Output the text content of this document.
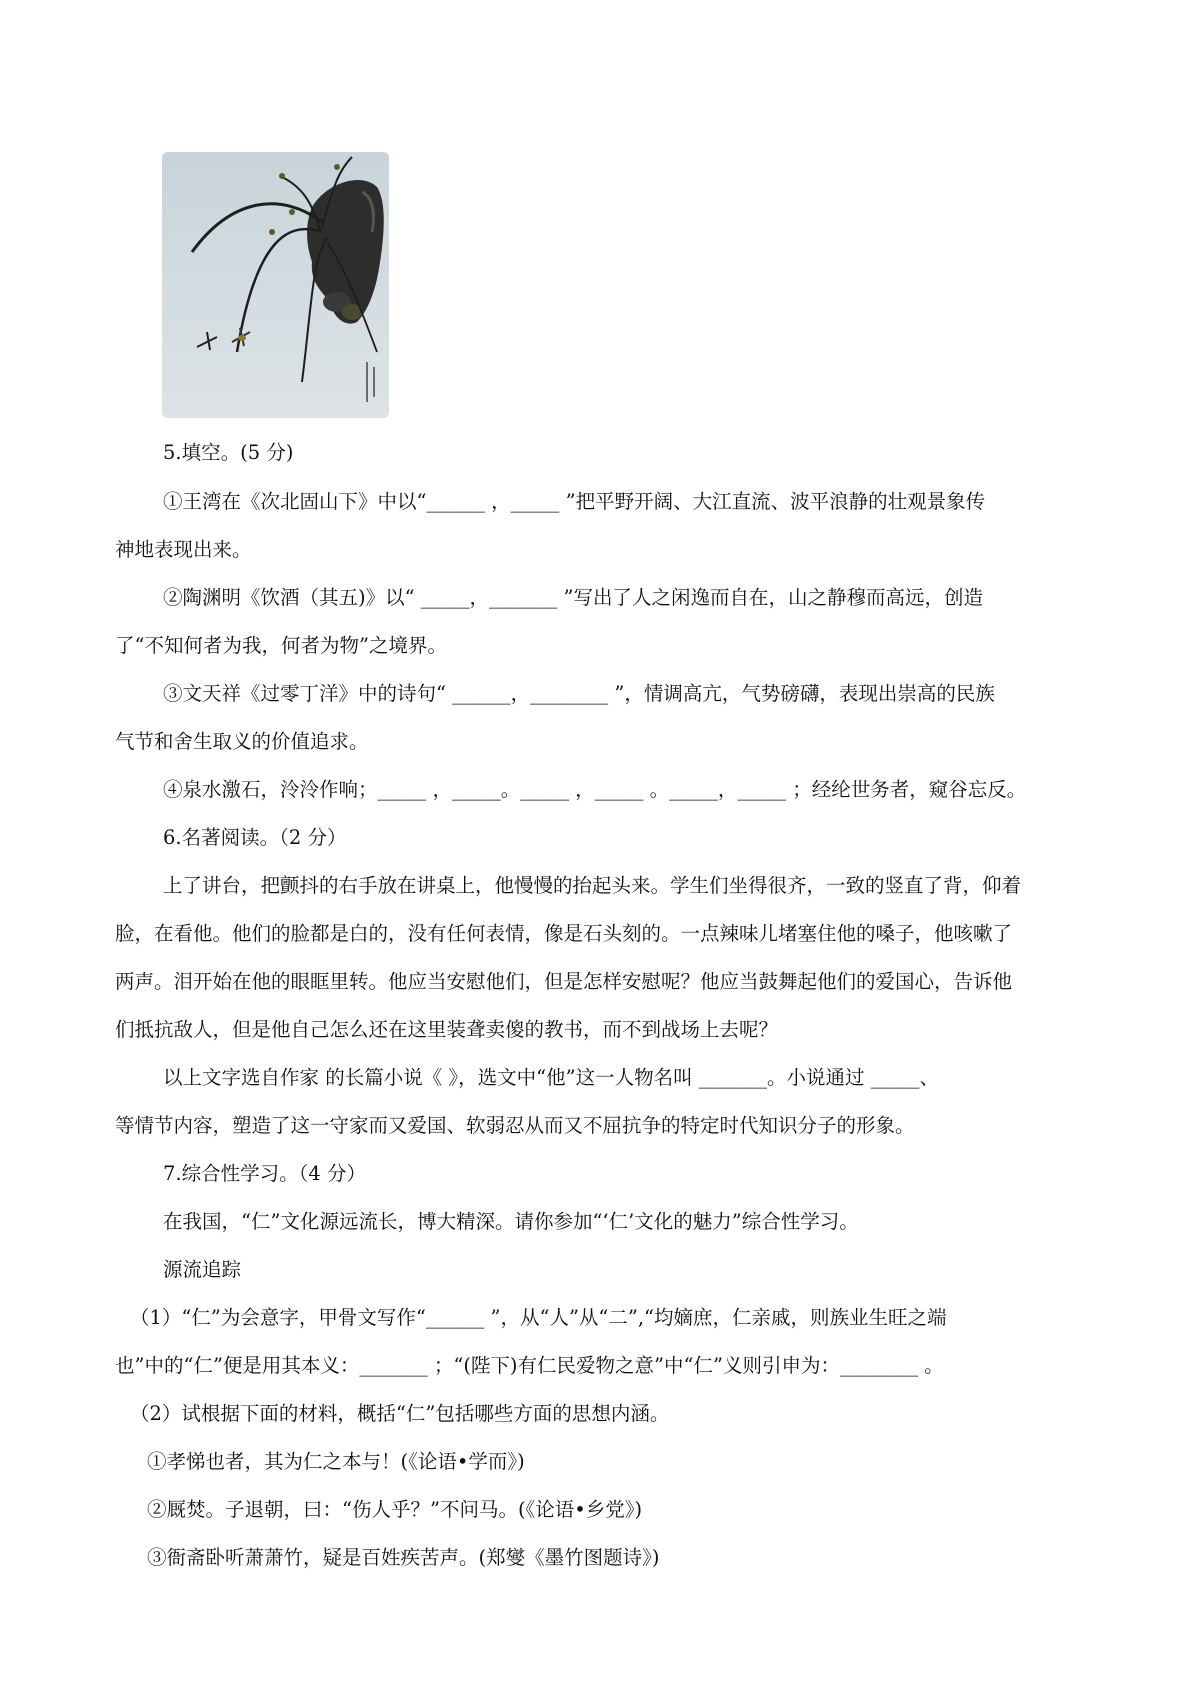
5.填空。(5 分)
①王湾在《次北固山下》中以“______ ，_____ ”把平野开阔、大江直流、波平浪静的壮观景象传
神地表现出来。
②陶渊明《饮酒（其五)》以“ _____，_______ ”写出了人之闲逸而自在，山之静穆而高远，创造
了“不知何者为我，何者为物”之境界。
③文天祥《过零丁洋》中的诗句“ ______，________ ”，情调高亢，气势磅礴，表现出崇高的民族
气节和舍生取义的价值追求。
④泉水激石，泠泠作响；_____ ，_____。_____ ，_____ 。_____，_____ ；经纶世务者，窥谷忘反。
6.名著阅读。（2 分）
上了讲台，把颤抖的右手放在讲桌上，他慢慢的抬起头来。学生们坐得很齐，一致的竖直了背，仰着
脸，在看他。他们的脸都是白的，没有任何表情，像是石头刻的。一点辣味儿堵塞住他的嗓子，他咳嗽了
两声。泪开始在他的眼眶里转。他应当安慰他们，但是怎样安慰呢？他应当鼓舞起他们的爱国心，告诉他
们抵抗敌人，但是他自己怎么还在这里装聋卖傻的教书，而不到战场上去呢？
以上文字选自作家 的长篇小说《 》，选文中“他”这一人物名叫 _______。小说通过 _____、
等情节内容，塑造了这一守家而又爱国、软弱忍从而又不屈抗争的特定时代知识分子的形象。
7.综合性学习。（4 分）
在我国，“仁”文化源远流长，博大精深。请你参加“‘仁’文化的魅力”综合性学习。
源流追踪
（1）“仁”为会意字，甲骨文写作“______ ”，从“人”从“二”,“均嫡庶，仁亲戚，则族业生旺之端
也”中的“仁”便是用其本义：_______ ；“(陛下)有仁民爱物之意”中“仁”义则引申为：________ 。
（2）试根据下面的材料，概括“仁”包括哪些方面的思想内涵。
①孝悌也者，其为仁之本与！(《论语•学而》)
②厩焚。子退朝，曰：“伤人乎？”不问马。(《论语•乡党》)
③衙斋卧听萧萧竹，疑是百姓疾苦声。(郑燮《墨竹图题诗》)
